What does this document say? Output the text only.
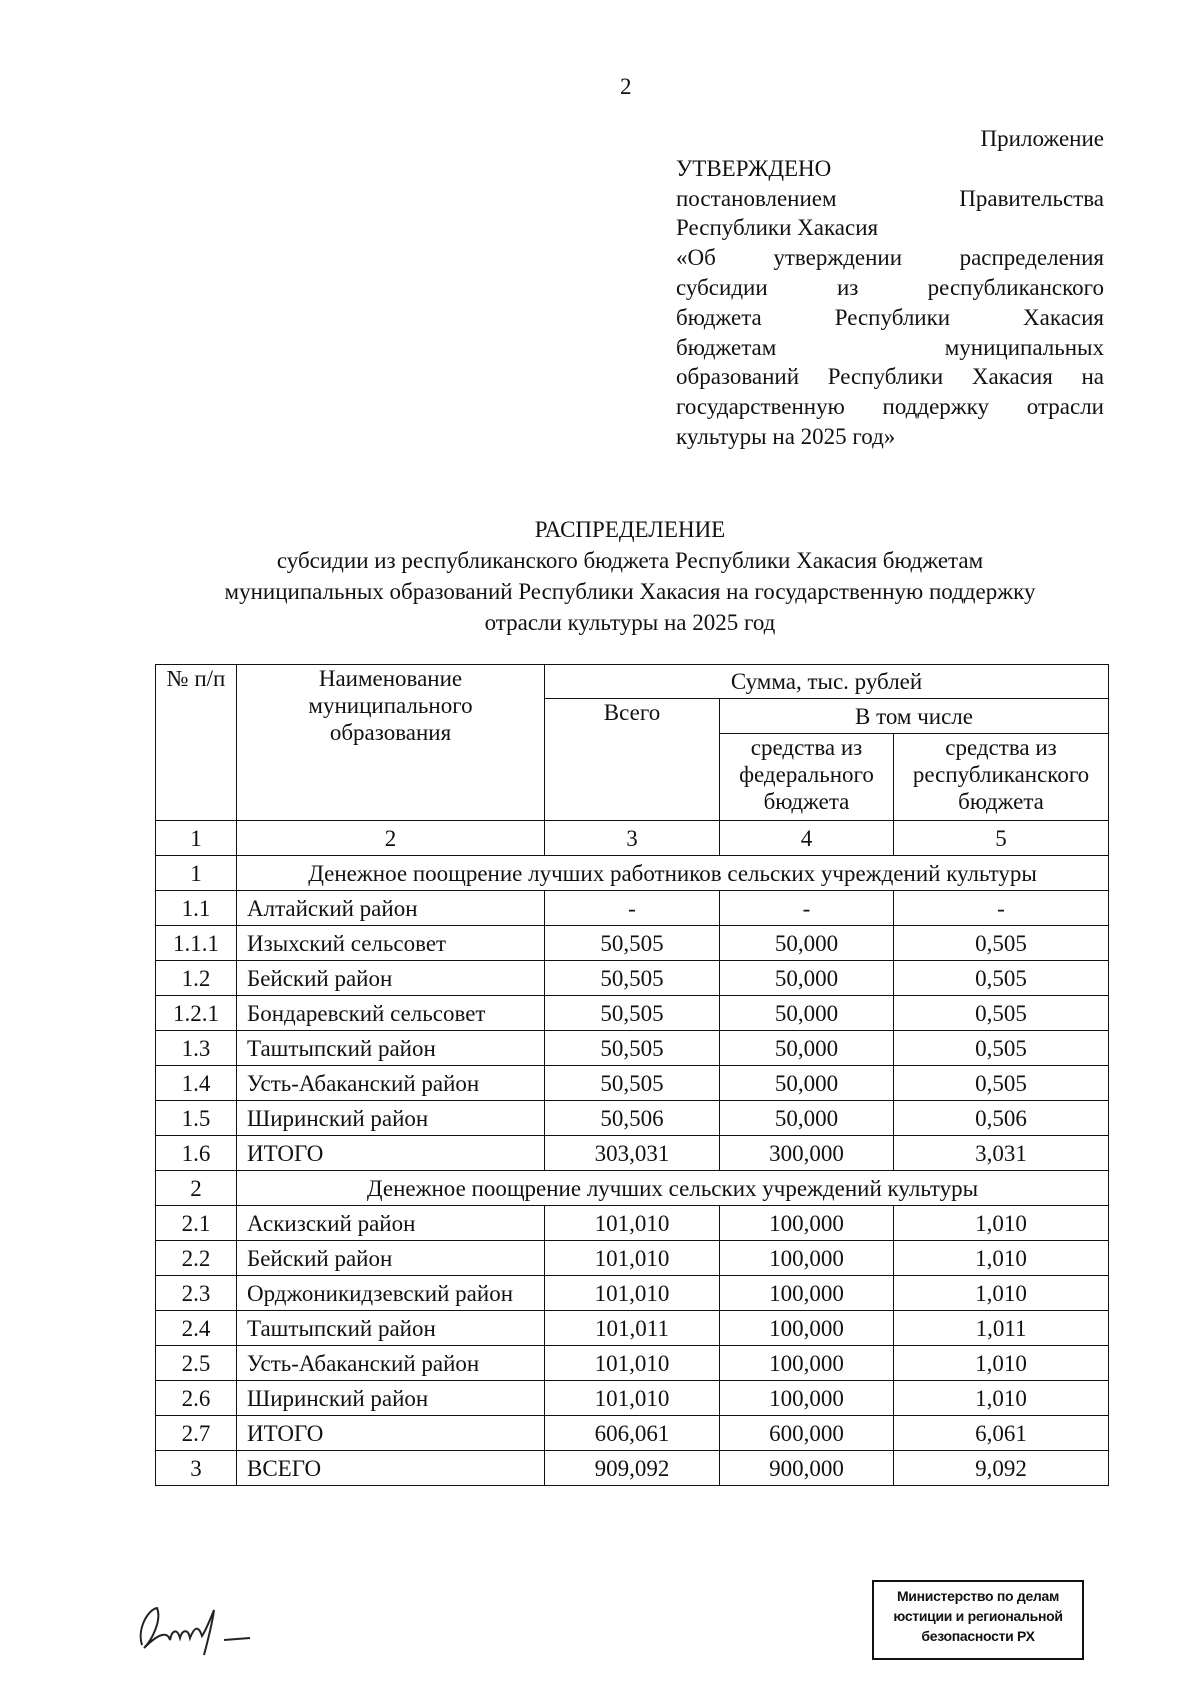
2
Приложение
УТВЕРЖДЕНО
постановлением Правительства
Республики Хакасия
«Об утверждении распределения
субсидии из республиканского
бюджета Республики Хакасия
бюджетам муниципальных
образований Республики Хакасия на
государственную поддержку отрасли
культуры на 2025 год»
РАСПРЕДЕЛЕНИЕ
субсидии из республиканского бюджета Республики Хакасия бюджетам
муниципальных образований Республики Хакасия на государственную поддержку
отрасли культуры на 2025 год
№ п/п	Наименование муниципального образования	Сумма, тыс. рублей		
		Всего	В том числе	
			средства из федерального бюджета	средства из республиканского бюджета
1	2	3	4	5
1	Денежное поощрение лучших работников сельских учреждений культуры			
1.1	Алтайский район	-	-	-
1.1.1	Изыхский сельсовет	50,505	50,000	0,505
1.2	Бейский район	50,505	50,000	0,505
1.2.1	Бондаревский сельсовет	50,505	50,000	0,505
1.3	Таштыпский район	50,505	50,000	0,505
1.4	Усть-Абаканский район	50,505	50,000	0,505
1.5	Ширинский район	50,506	50,000	0,506
1.6	ИТОГО	303,031	300,000	3,031
2	Денежное поощрение лучших сельских учреждений культуры			
2.1	Аскизский район	101,010	100,000	1,010
2.2	Бейский район	101,010	100,000	1,010
2.3	Орджоникидзевский район	101,010	100,000	1,010
2.4	Таштыпский район	101,011	100,000	1,011
2.5	Усть-Абаканский район	101,010	100,000	1,010
2.6	Ширинский район	101,010	100,000	1,010
2.7	ИТОГО	606,061	600,000	6,061
3	ВСЕГО	909,092	900,000	9,092
Министерство по делам
юстиции и региональной
безопасности РХ
